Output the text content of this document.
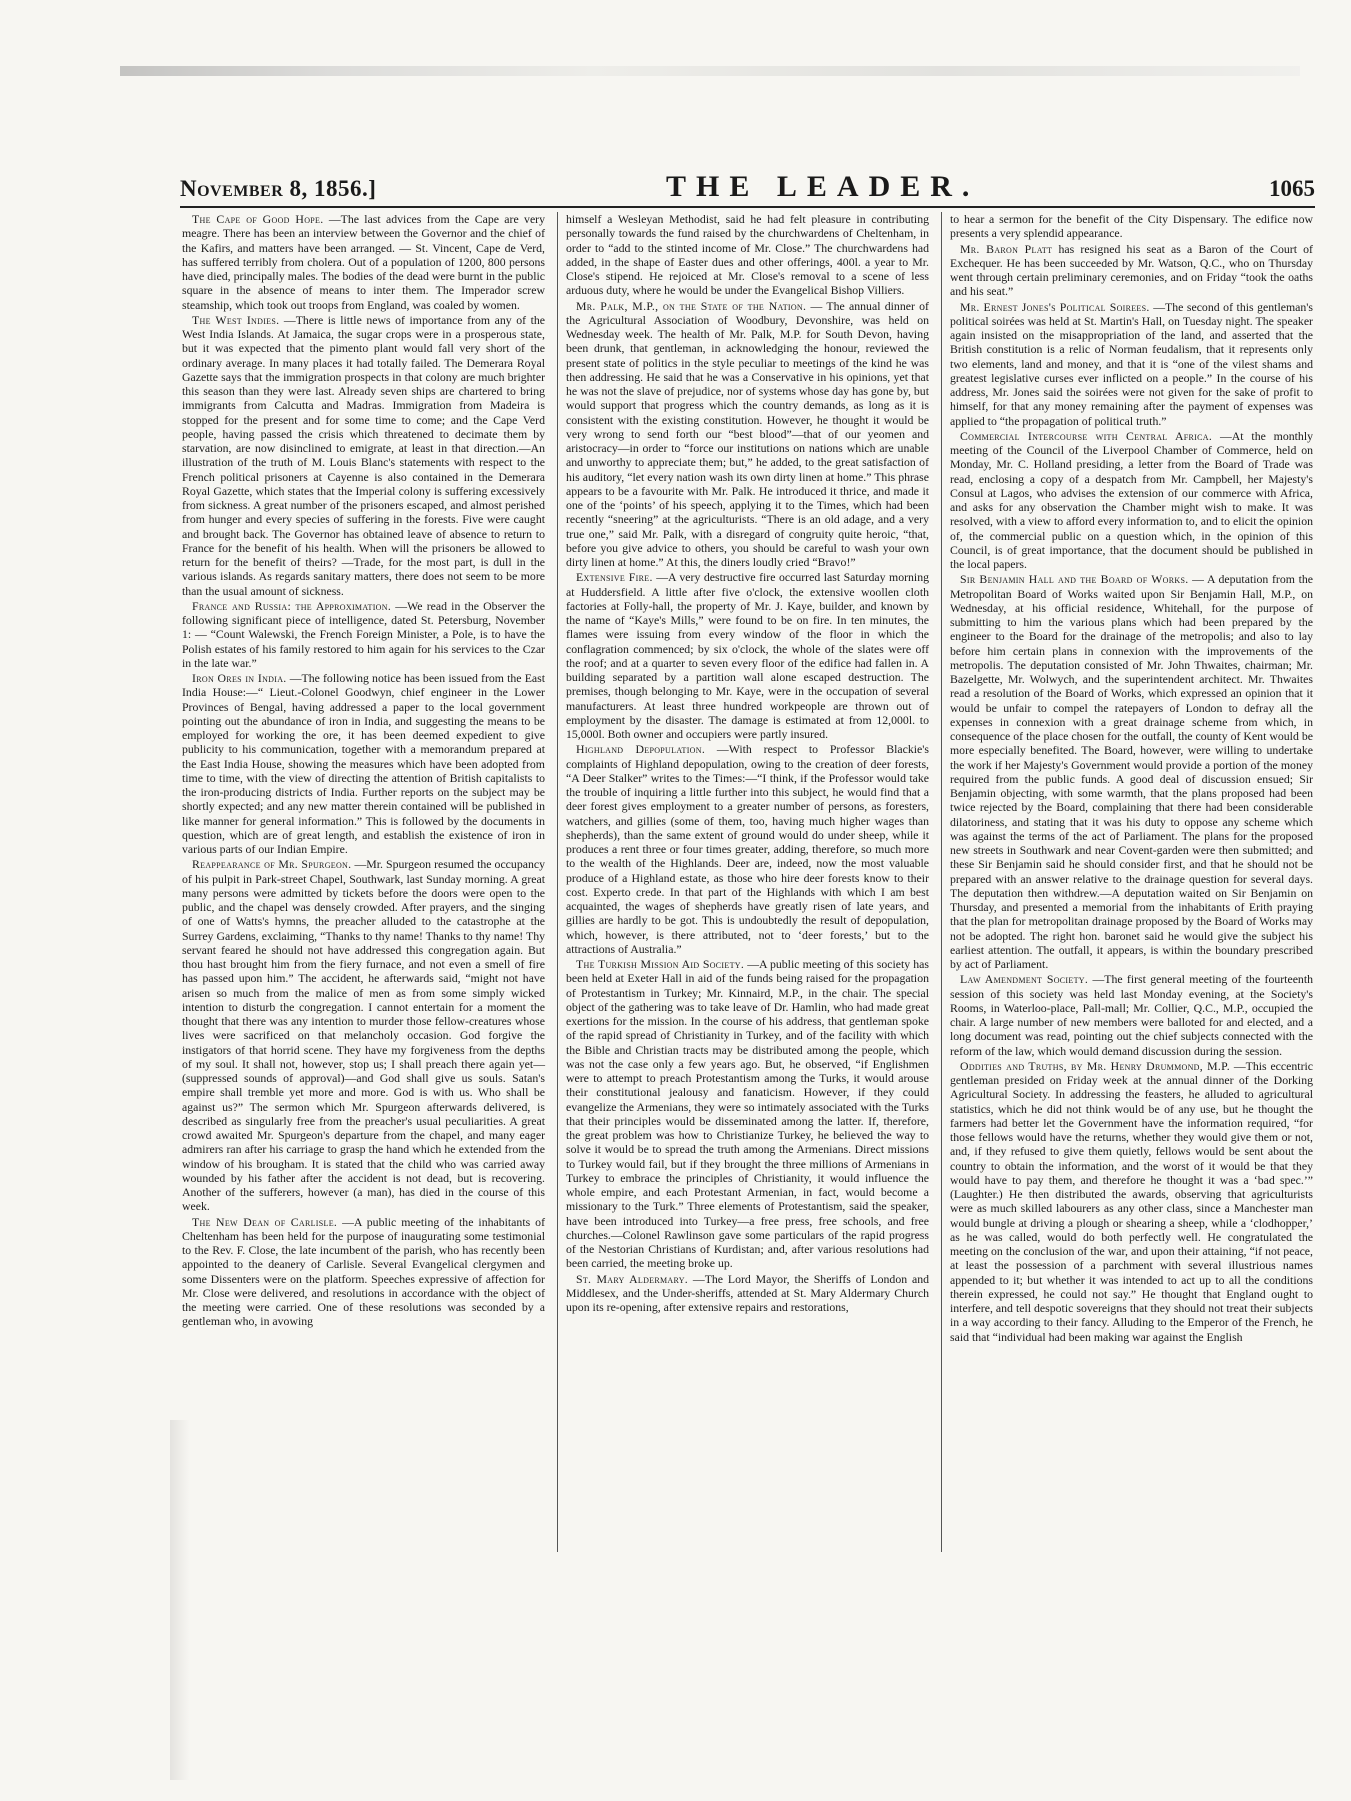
November 8, 1856.]	THE LEADER.	1065

The Cape of Good Hope. —The last advices from the Cape are very meagre. There has been an interview between the Governor and the chief of the Kafirs, and matters have been arranged. — St. Vincent, Cape de Verd, has suffered terribly from cholera. Out of a population of 1200, 800 persons have died, principally males. The bodies of the dead were burnt in the public square in the absence of means to inter them. The Imperador screw steamship, which took out troops from England, was coaled by women.

The West Indies. —There is little news of importance from any of the West India Islands. At Jamaica, the sugar crops were in a prosperous state, but it was expected that the pimento plant would fall very short of the ordinary average. In many places it had totally failed. The Demerara Royal Gazette says that the immigration prospects in that colony are much brighter this season than they were last. Already seven ships are chartered to bring immigrants from Calcutta and Madras. Immigration from Madeira is stopped for the present and for some time to come; and the Cape Verd people, having passed the crisis which threatened to decimate them by starvation, are now disinclined to emigrate, at least in that direction.—An illustration of the truth of M. Louis Blanc's statements with respect to the French political prisoners at Cayenne is also contained in the Demerara Royal Gazette, which states that the Imperial colony is suffering excessively from sickness. A great number of the prisoners escaped, and almost perished from hunger and every species of suffering in the forests. Five were caught and brought back. The Governor has obtained leave of absence to return to France for the benefit of his health. When will the prisoners be allowed to return for the benefit of theirs? —Trade, for the most part, is dull in the various islands. As regards sanitary matters, there does not seem to be more than the usual amount of sickness.

France and Russia: the Approximation. —We read in the Observer the following significant piece of intelligence, dated St. Petersburg, November 1: — “Count Walewski, the French Foreign Minister, a Pole, is to have the Polish estates of his family restored to him again for his services to the Czar in the late war.”

Iron Ores in India. —The following notice has been issued from the East India House:—“ Lieut.-Colonel Goodwyn, chief engineer in the Lower Provinces of Bengal, having addressed a paper to the local government pointing out the abundance of iron in India, and suggesting the means to be employed for working the ore, it has been deemed expedient to give publicity to his communication, together with a memorandum prepared at the East India House, showing the measures which have been adopted from time to time, with the view of directing the attention of British capitalists to the iron-producing districts of India. Further reports on the subject may be shortly expected; and any new matter therein contained will be published in like manner for general information.” This is followed by the documents in question, which are of great length, and establish the existence of iron in various parts of our Indian Empire.

Reappearance of Mr. Spurgeon. —Mr. Spurgeon resumed the occupancy of his pulpit in Park-street Chapel, Southwark, last Sunday morning. A great many persons were admitted by tickets before the doors were open to the public, and the chapel was densely crowded. After prayers, and the singing of one of Watts's hymns, the preacher alluded to the catastrophe at the Surrey Gardens, exclaiming, “Thanks to thy name! Thanks to thy name! Thy servant feared he should not have addressed this congregation again. But thou hast brought him from the fiery furnace, and not even a smell of fire has passed upon him.” The accident, he afterwards said, “might not have arisen so much from the malice of men as from some simply wicked intention to disturb the congregation. I cannot entertain for a moment the thought that there was any intention to murder those fellow-creatures whose lives were sacrificed on that melancholy occasion. God forgive the instigators of that horrid scene. They have my forgiveness from the depths of my soul. It shall not, however, stop us; I shall preach there again yet— (suppressed sounds of approval)—and God shall give us souls. Satan's empire shall tremble yet more and more. God is with us. Who shall be against us?” The sermon which Mr. Spurgeon afterwards delivered, is described as singularly free from the preacher's usual peculiarities. A great crowd awaited Mr. Spurgeon's departure from the chapel, and many eager admirers ran after his carriage to grasp the hand which he extended from the window of his brougham. It is stated that the child who was carried away wounded by his father after the accident is not dead, but is recovering. Another of the sufferers, however (a man), has died in the course of this week.

The New Dean of Carlisle. —A public meeting of the inhabitants of Cheltenham has been held for the purpose of inaugurating some testimonial to the Rev. F. Close, the late incumbent of the parish, who has recently been appointed to the deanery of Carlisle. Several Evangelical clergymen and some Dissenters were on the platform. Speeches expressive of affection for Mr. Close were delivered, and resolutions in accordance with the object of the meeting were carried. One of these resolutions was seconded by a gentleman who, in avowing

himself a Wesleyan Methodist, said he had felt pleasure in contributing personally towards the fund raised by the churchwardens of Cheltenham, in order to “add to the stinted income of Mr. Close.” The churchwardens had added, in the shape of Easter dues and other offerings, 400l. a year to Mr. Close's stipend. He rejoiced at Mr. Close's removal to a scene of less arduous duty, where he would be under the Evangelical Bishop Villiers.

Mr. Palk, M.P., on the State of the Nation. — The annual dinner of the Agricultural Association of Woodbury, Devonshire, was held on Wednesday week. The health of Mr. Palk, M.P. for South Devon, having been drunk, that gentleman, in acknowledging the honour, reviewed the present state of politics in the style peculiar to meetings of the kind he was then addressing. He said that he was a Conservative in his opinions, yet that he was not the slave of prejudice, nor of systems whose day has gone by, but would support that progress which the country demands, as long as it is consistent with the existing constitution. However, he thought it would be very wrong to send forth our “best blood”—that of our yeomen and aristocracy—in order to “force our institutions on nations which are unable and unworthy to appreciate them; but,” he added, to the great satisfaction of his auditory, “let every nation wash its own dirty linen at home.” This phrase appears to be a favourite with Mr. Palk. He introduced it thrice, and made it one of the ‘points’ of his speech, applying it to the Times, which had been recently “sneering” at the agriculturists. “There is an old adage, and a very true one,” said Mr. Palk, with a disregard of congruity quite heroic, “that, before you give advice to others, you should be careful to wash your own dirty linen at home.” At this, the diners loudly cried “Bravo!”

Extensive Fire. —A very destructive fire occurred last Saturday morning at Huddersfield. A little after five o'clock, the extensive woollen cloth factories at Folly-hall, the property of Mr. J. Kaye, builder, and known by the name of “Kaye's Mills,” were found to be on fire. In ten minutes, the flames were issuing from every window of the floor in which the conflagration commenced; by six o'clock, the whole of the slates were off the roof; and at a quarter to seven every floor of the edifice had fallen in. A building separated by a partition wall alone escaped destruction. The premises, though belonging to Mr. Kaye, were in the occupation of several manufacturers. At least three hundred workpeople are thrown out of employment by the disaster. The damage is estimated at from 12,000l. to 15,000l. Both owner and occupiers were partly insured.

Highland Depopulation. —With respect to Professor Blackie's complaints of Highland depopulation, owing to the creation of deer forests, “A Deer Stalker” writes to the Times:—“I think, if the Professor would take the trouble of inquiring a little further into this subject, he would find that a deer forest gives employment to a greater number of persons, as foresters, watchers, and gillies (some of them, too, having much higher wages than shepherds), than the same extent of ground would do under sheep, while it produces a rent three or four times greater, adding, therefore, so much more to the wealth of the Highlands. Deer are, indeed, now the most valuable produce of a Highland estate, as those who hire deer forests know to their cost. Experto crede. In that part of the Highlands with which I am best acquainted, the wages of shepherds have greatly risen of late years, and gillies are hardly to be got. This is undoubtedly the result of depopulation, which, however, is there attributed, not to ‘deer forests,’ but to the attractions of Australia.”

The Turkish Mission Aid Society. —A public meeting of this society has been held at Exeter Hall in aid of the funds being raised for the propagation of Protestantism in Turkey; Mr. Kinnaird, M.P., in the chair. The special object of the gathering was to take leave of Dr. Hamlin, who had made great exertions for the mission. In the course of his address, that gentleman spoke of the rapid spread of Christianity in Turkey, and of the facility with which the Bible and Christian tracts may be distributed among the people, which was not the case only a few years ago. But, he observed, “if Englishmen were to attempt to preach Protestantism among the Turks, it would arouse their constitutional jealousy and fanaticism. However, if they could evangelize the Armenians, they were so intimately associated with the Turks that their principles would be disseminated among the latter. If, therefore, the great problem was how to Christianize Turkey, he believed the way to solve it would be to spread the truth among the Armenians. Direct missions to Turkey would fail, but if they brought the three millions of Armenians in Turkey to embrace the principles of Christianity, it would influence the whole empire, and each Protestant Armenian, in fact, would become a missionary to the Turk.” Three elements of Protestantism, said the speaker, have been introduced into Turkey—a free press, free schools, and free churches.—Colonel Rawlinson gave some particulars of the rapid progress of the Nestorian Christians of Kurdistan; and, after various resolutions had been carried, the meeting broke up.

St. Mary Aldermary. —The Lord Mayor, the Sheriffs of London and Middlesex, and the Under-sheriffs, attended at St. Mary Aldermary Church upon its re-opening, after extensive repairs and restorations,

to hear a sermon for the benefit of the City Dispensary. The edifice now presents a very splendid appearance.

Mr. Baron Platt has resigned his seat as a Baron of the Court of Exchequer. He has been succeeded by Mr. Watson, Q.C., who on Thursday went through certain preliminary ceremonies, and on Friday “took the oaths and his seat.”

Mr. Ernest Jones's Political Soirees. —The second of this gentleman's political soirées was held at St. Martin's Hall, on Tuesday night. The speaker again insisted on the misappropriation of the land, and asserted that the British constitution is a relic of Norman feudalism, that it represents only two elements, land and money, and that it is “one of the vilest shams and greatest legislative curses ever inflicted on a people.” In the course of his address, Mr. Jones said the soirées were not given for the sake of profit to himself, for that any money remaining after the payment of expenses was applied to “the propagation of political truth.”

Commercial Intercourse with Central Africa. —At the monthly meeting of the Council of the Liverpool Chamber of Commerce, held on Monday, Mr. C. Holland presiding, a letter from the Board of Trade was read, enclosing a copy of a despatch from Mr. Campbell, her Majesty's Consul at Lagos, who advises the extension of our commerce with Africa, and asks for any observation the Chamber might wish to make. It was resolved, with a view to afford every information to, and to elicit the opinion of, the commercial public on a question which, in the opinion of this Council, is of great importance, that the document should be published in the local papers.

Sir Benjamin Hall and the Board of Works. — A deputation from the Metropolitan Board of Works waited upon Sir Benjamin Hall, M.P., on Wednesday, at his official residence, Whitehall, for the purpose of submitting to him the various plans which had been prepared by the engineer to the Board for the drainage of the metropolis; and also to lay before him certain plans in connexion with the improvements of the metropolis. The deputation consisted of Mr. John Thwaites, chairman; Mr. Bazelgette, Mr. Wolwych, and the superintendent architect. Mr. Thwaites read a resolution of the Board of Works, which expressed an opinion that it would be unfair to compel the ratepayers of London to defray all the expenses in connexion with a great drainage scheme from which, in consequence of the place chosen for the outfall, the county of Kent would be more especially benefited. The Board, however, were willing to undertake the work if her Majesty's Government would provide a portion of the money required from the public funds. A good deal of discussion ensued; Sir Benjamin objecting, with some warmth, that the plans proposed had been twice rejected by the Board, complaining that there had been considerable dilatoriness, and stating that it was his duty to oppose any scheme which was against the terms of the act of Parliament. The plans for the proposed new streets in Southwark and near Covent-garden were then submitted; and these Sir Benjamin said he should consider first, and that he should not be prepared with an answer relative to the drainage question for several days. The deputation then withdrew.—A deputation waited on Sir Benjamin on Thursday, and presented a memorial from the inhabitants of Erith praying that the plan for metropolitan drainage proposed by the Board of Works may not be adopted. The right hon. baronet said he would give the subject his earliest attention. The outfall, it appears, is within the boundary prescribed by act of Parliament.

Law Amendment Society. —The first general meeting of the fourteenth session of this society was held last Monday evening, at the Society's Rooms, in Waterloo-place, Pall-mall; Mr. Collier, Q.C., M.P., occupied the chair. A large number of new members were balloted for and elected, and a long document was read, pointing out the chief subjects connected with the reform of the law, which would demand discussion during the session.

Oddities and Truths, by Mr. Henry Drummond, M.P. —This eccentric gentleman presided on Friday week at the annual dinner of the Dorking Agricultural Society. In addressing the feasters, he alluded to agricultural statistics, which he did not think would be of any use, but he thought the farmers had better let the Government have the information required, “for those fellows would have the returns, whether they would give them or not, and, if they refused to give them quietly, fellows would be sent about the country to obtain the information, and the worst of it would be that they would have to pay them, and therefore he thought it was a ‘bad spec.’” (Laughter.) He then distributed the awards, observing that agriculturists were as much skilled labourers as any other class, since a Manchester man would bungle at driving a plough or shearing a sheep, while a ‘clodhopper,’ as he was called, would do both perfectly well. He congratulated the meeting on the conclusion of the war, and upon their attaining, “if not peace, at least the possession of a parchment with several illustrious names appended to it; but whether it was intended to act up to all the conditions therein expressed, he could not say.” He thought that England ought to interfere, and tell despotic sovereigns that they should not treat their subjects in a way according to their fancy. Alluding to the Emperor of the French, he said that “individual had been making war against the English
